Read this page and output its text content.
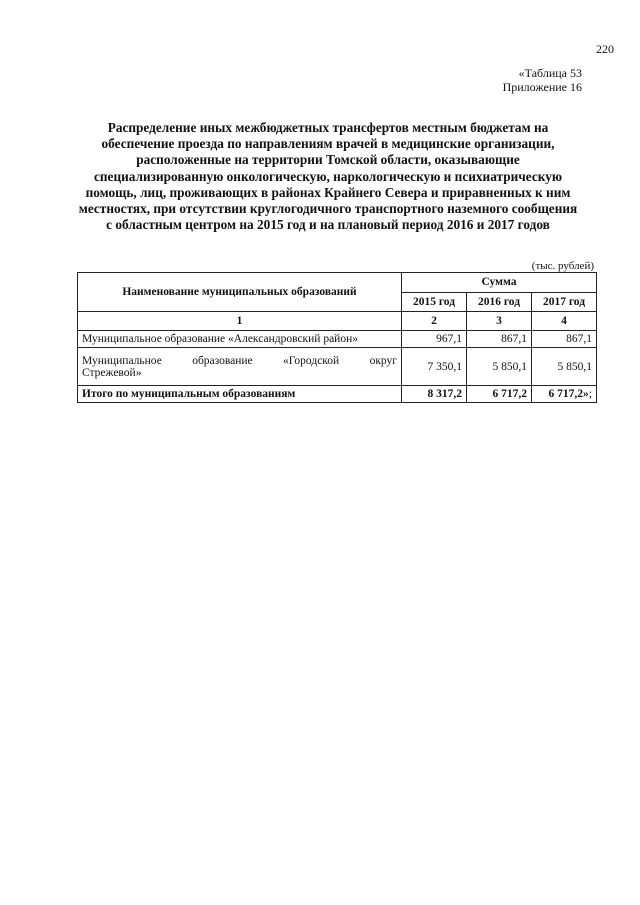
220
«Таблица 53
Приложение 16
Распределение иных межбюджетных трансфертов местным бюджетам на обеспечение проезда по направлениям врачей в медицинские организации, расположенные на территории Томской области, оказывающие специализированную онкологическую, наркологическую и психиатрическую помощь, лиц, проживающих в районах Крайнего Севера и приравненных к ним местностях, при отсутствии круглогодичного транспортного наземного сообщения с областным центром на 2015 год и на плановый период 2016 и 2017 годов
(тыс. рублей)
Наименование муниципальных образований	Сумма		
	2015 год	2016 год	2017 год
1	2	3	4
Муниципальное образование «Александровский район»	967,1	867,1	867,1

Муниципальное образование «Городской округ
Стрежевой»	7 350,1	5 850,1	5 850,1
Итого по муниципальным образованиям	8 317,2	6 717,2	6 717,2»;
